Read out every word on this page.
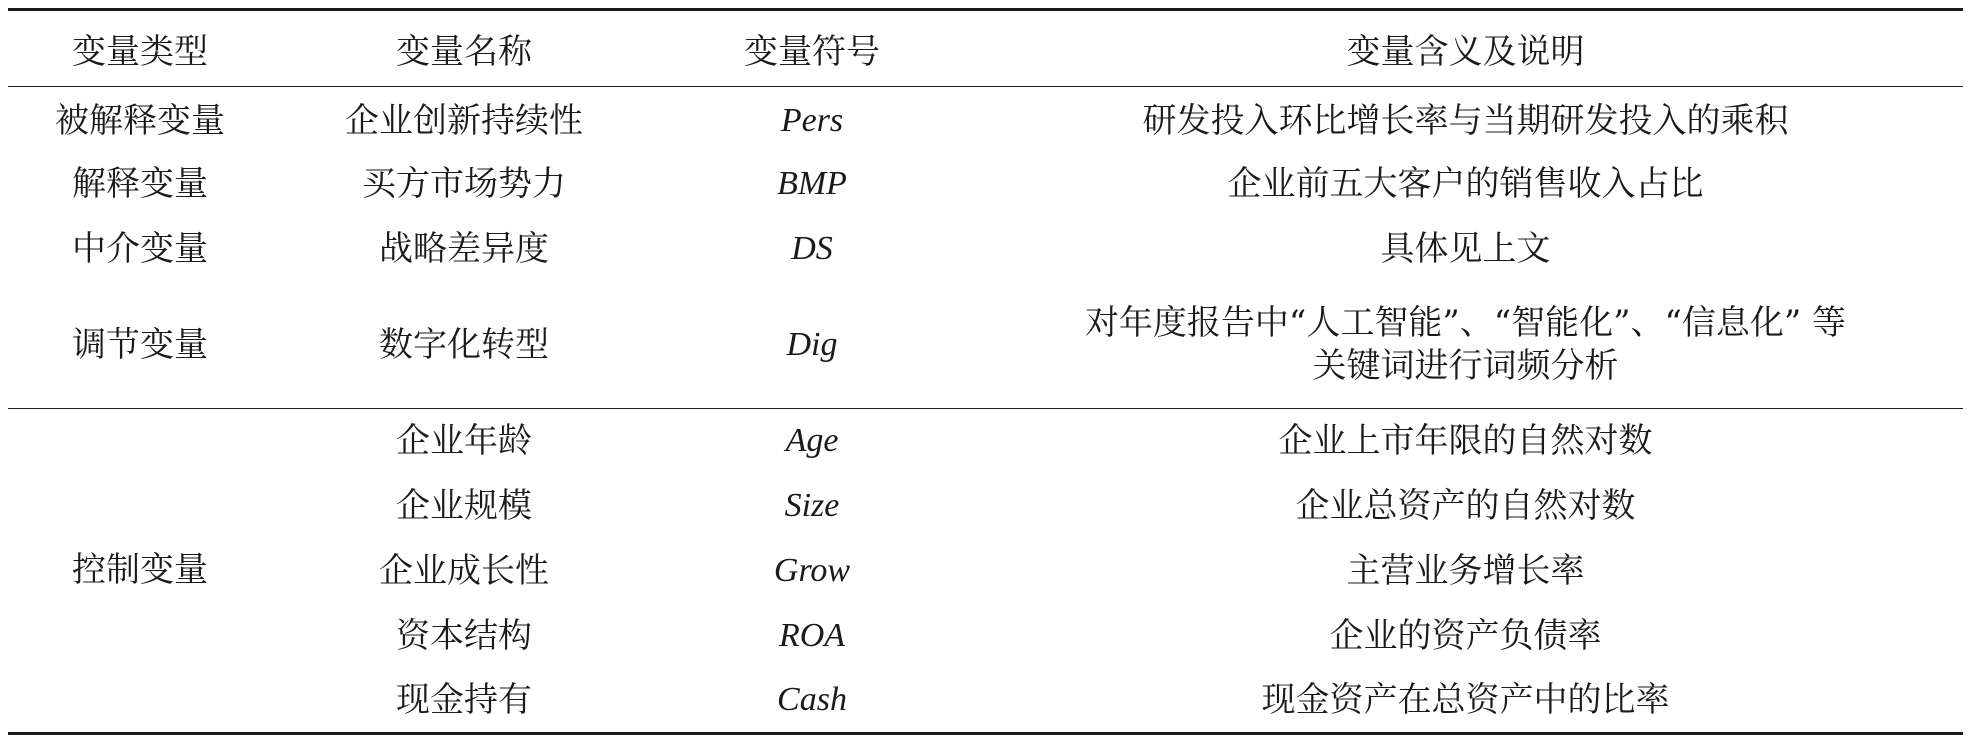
变量类型	变量名称	变量符号	变量含义及说明
被解释变量	企业创新持续性	Pers	研发投入环比增长率与当期研发投入的乘积
解释变量	买方市场势力	BMP	企业前五大客户的销售收入占比
中介变量	战略差异度	DS	具体见上文
调节变量	数字化转型	Dig	对年度报告中“人工智能”、“智能化”、“信息化” 等
关键词进行词频分析

控制变量	企业年龄	Age	企业上市年限的自然对数
	企业规模	Size	企业总资产的自然对数
	企业成长性	Grow	主营业务增长率
	资本结构	ROA	企业的资产负债率
	现金持有	Cash	现金资产在总资产中的比率
